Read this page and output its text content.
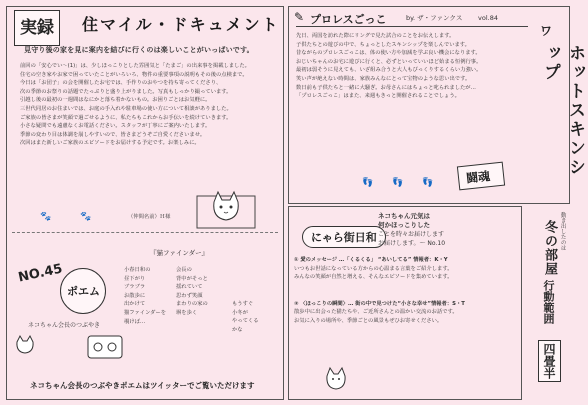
実録	住マイル・ドキュメント
見守り後の家を見に案内を結びに行くのは楽しいことがいっぱいです。
前回の「安心でい〜(1)」は、少しほっこりとした雰囲気と「たまご」の出来事を掲載しました。
住宅の空き家やお家で困っていたことがいろいろ、物件の重要事項の説明もその後の点検まで。
今日は「お団子」の会を開催したお宅では、手作りのおやつを持ち寄ってくださり、
次の季節のお祭りの話題でたっぷりと盛り上がりました。写真もしっかり撮っています。
引越し後の最初の一週間はなにかと落ち着かないもの。お困りごとはお気軽に。
三世代同居のお住まいでは、お庭の手入れや駐車場の使い方について相談がありました。
ご家族の皆さまが笑顔で過ごせるように、私たちもこれからお手伝いを続けていきます。
小さな疑問でも遠慮なくお電話ください。スタッフが丁寧にご案内いたします。
季節の変わり目は体調を崩しやすいので、皆さまどうぞご自愛くださいませ。
次回はまた新しいご家族のエピソードをお届けする予定です。お楽しみに。
（仲間名前）Ｈ様
🐾	🐾
NO.45
ポエム
ネコちゃん会長のつぶやき
『猫ファインダー』
小春日和の
昼下がり
ブラブラ
お散歩に
出かけて
猫ファインダーを
覗けば…
会長の
背中がそっと
揺れていて
思わず笑顔
まわりの家の
塀を歩く
もうすぐ
小冬が
やってくる
かな
ネコちゃん会長のつぶやきポエムはツイッターでご覧いただけます
✎ プロレスごっこ	by. ザ・ファンクス vol.84
先日、両国を訪れた際にリングで見た試合のことをお伝えします。
子供たちとの遊びの中で、ちょっとしたスキンシップを楽しんでいます。
昔ながらのプロレスごっこは、体の使い方や加減を学ぶ良い機会になります。
おじいちゃんのお宅に遊びに行くと、必ずといっていいほど始まる恒例行事。
最初は弱そうに見えても、いざ組み合うと大人もびっくりするくらい力強い。
笑い声が絶えない時間は、家族みんなにとって宝物のような思い出です。
数日前も子供たちと一緒に大騒ぎ。お母さんにはちょっと叱られましたが…
「プロレスごっこ」はまた、来週もきっと開催されることでしょう。
ワ
ホットスキンシップ
👣 👣 👣	闘魂
にゃら街日和
ネコちゃん元気は
何かほっこりした
ことを時々お届けします
お届けします。〜 No.10
① 愛のメッセージ …「くるくる」 “あいしてる” 情報者：K・Y
いつもお世話になっている方からの心温まる言葉をご紹介します。
みんなの笑顔が自然と増える、そんなエピソードを集めています。
② 〈ほっこりの瞬間〉… 街の中で見つけた“小さな幸せ”情報者：S・T
散歩中に出会った猫たちや、ご近所さんとの温かい交流のお話です。
お気に入りの場所や、季節ごとの風景もぜひお寄せください。
動き出したのは
冬の部屋
行動範囲
四畳半
